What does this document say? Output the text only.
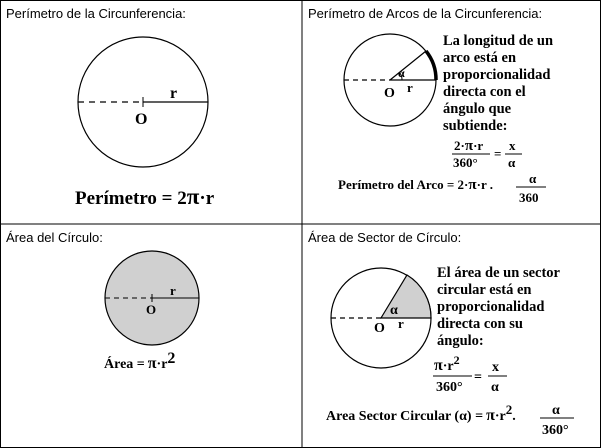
Perímetro de la Circunferencia:
r
O
Perímetro = 2π·r
Perímetro de Arcos de la Circunferencia:
α
r
O
La longitud de un arco está en proporcionalidad directa con el ángulo que subtiende:
2·π·r
360°
=
x
α
Perímetro del Arco = 2·π·r .	α
360
Área del Círculo:
r
O
Área = π·r2
Área de Sector de Círculo:
α
r
O
El área de un sector circular está en proporcionalidad directa con su ángulo:
π·r2
360°
=
x
α
Area Sector Circular (α) = π·r2.	α
360°
